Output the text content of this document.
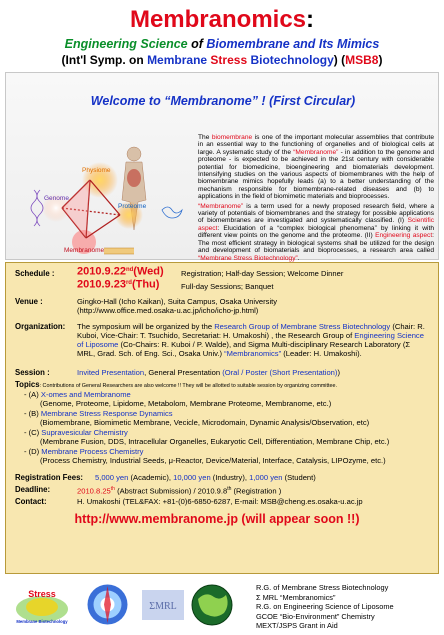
Membranomics:
Engineering Science of Biomembrane and Its Mimics
(Int'l Symp. on Membrane Stress Biotechnology) (MSB8)
Welcome to “Membranome” ! (First Circular)
Physiome
Genome
Proteome
Membranome

The biomembrane is one of the important molecular assemblies that contribute in an essential way to the functioning of organelles and of biological cells at large. A systematic study of the “Membranome” - in addition to the genome and proteome - is expected to be achieved in the 21st century with considerable potential for biomedicine, bioengineering and biomaterials development. Intensifying studies on the various aspects of biomembranes with the help of biomembrane mimics hopefully leads (a) to a better understanding of the mechanism responsible for biomembrane-related diseases and (b) to applications in the field of biomimetic materials and bioprocesses.

“Membranome” is a term used for a newly proposed research field, where a variety of potentials of biomembranes and the strategy for possible applications of biomembranes are investigated and systematically classified. (I) Scientific aspect: Elucidation of a “complex biological phenomena” by linking it with different view points on the genome and the proteome. (II) Engineering aspect: The most efficient strategy in biological systems shall be utilized for the design and development of biomaterials and bioprocesses, a research area called “Membrane Stress Biotechnology”.

Schedule : 2010.9.22nd(Wed) Registration; Half-day Session; Welcome Dinner
2010.9.23rd(Thu)	Full-day Sessions; Banquet
Venue :	Gingko-Hall (Icho Kaikan), Suita Campus, Osaka University
(http://www.office.med.osaka-u.ac.jp/icho/icho-jp.html)
Organization: The symposium will be organized by the Research Group of Membrane Stress Biotechnology (Chair: R. Kuboi, Vice-Chair: T. Tsuchido, Secretariat: H. Umakoshi) , the Research Group of Engineering Science of Liposome (Co-Chairs: R. Kuboi / P. Walde), and Sigma Multi-disciplinary Research Laboratory (Σ MRL, Grad. Sch. of Eng. Sci., Osaka Univ.) “Membranomics” (Leader: H. Umakoshi).
Session :	Invited Presentation, General Presentation (Oral / Poster (Short Presentation))
Topics: Contributions of General Researchers are also welcome !! They will be allotted to suitable session by organizing committee.
- (A) X-omes and Membranome
(Genome, Proteome, Lipidome, Metabolom, Membrane Proteome, Membranome, etc.)
- (B) Membrane Stress Response Dynamics
(Biomembrane, Biomimetic Membrane, Vecicle, Microdomain, Dynamic Analysis/Observation, etc)
- (C) Supravesicular Chemistry
(Membrane Fusion, DDS, Intracellular Organelles, Eukaryotic Cell, Differentiation, Membrane Chip, etc.)
- (D) Membrane Process Chemistry
(Process Chemistry, Industrial Seeds, μ-Reactor, Device/Material, Interface, Catalysis, LIPOzyme, etc.)
Registration Fees: 5,000 yen (Academic), 10,000 yen (Industry), 1,000 yen (Student)
Deadline:	2010.8.25th (Abstract Submission) / 2010.9.8th (Registration )
Contact:	H. Umakoshi (TEL&FAX: +81-(0)6-6850-6287, E-mail: MSB@cheng.es.osaka-u.ac.jp
http://www.membranome.jp (will appear soon !!)
Stress
Membrane Biotechnology
ΣMRL
R.G. of Membrane Stress Biotechnology
Σ MRL “Membranomics”
R.G. on Engineering Science of Liposome
GCOE “Bio-Environment” Chemistry
MEXT/JSPS Grant in Aid
